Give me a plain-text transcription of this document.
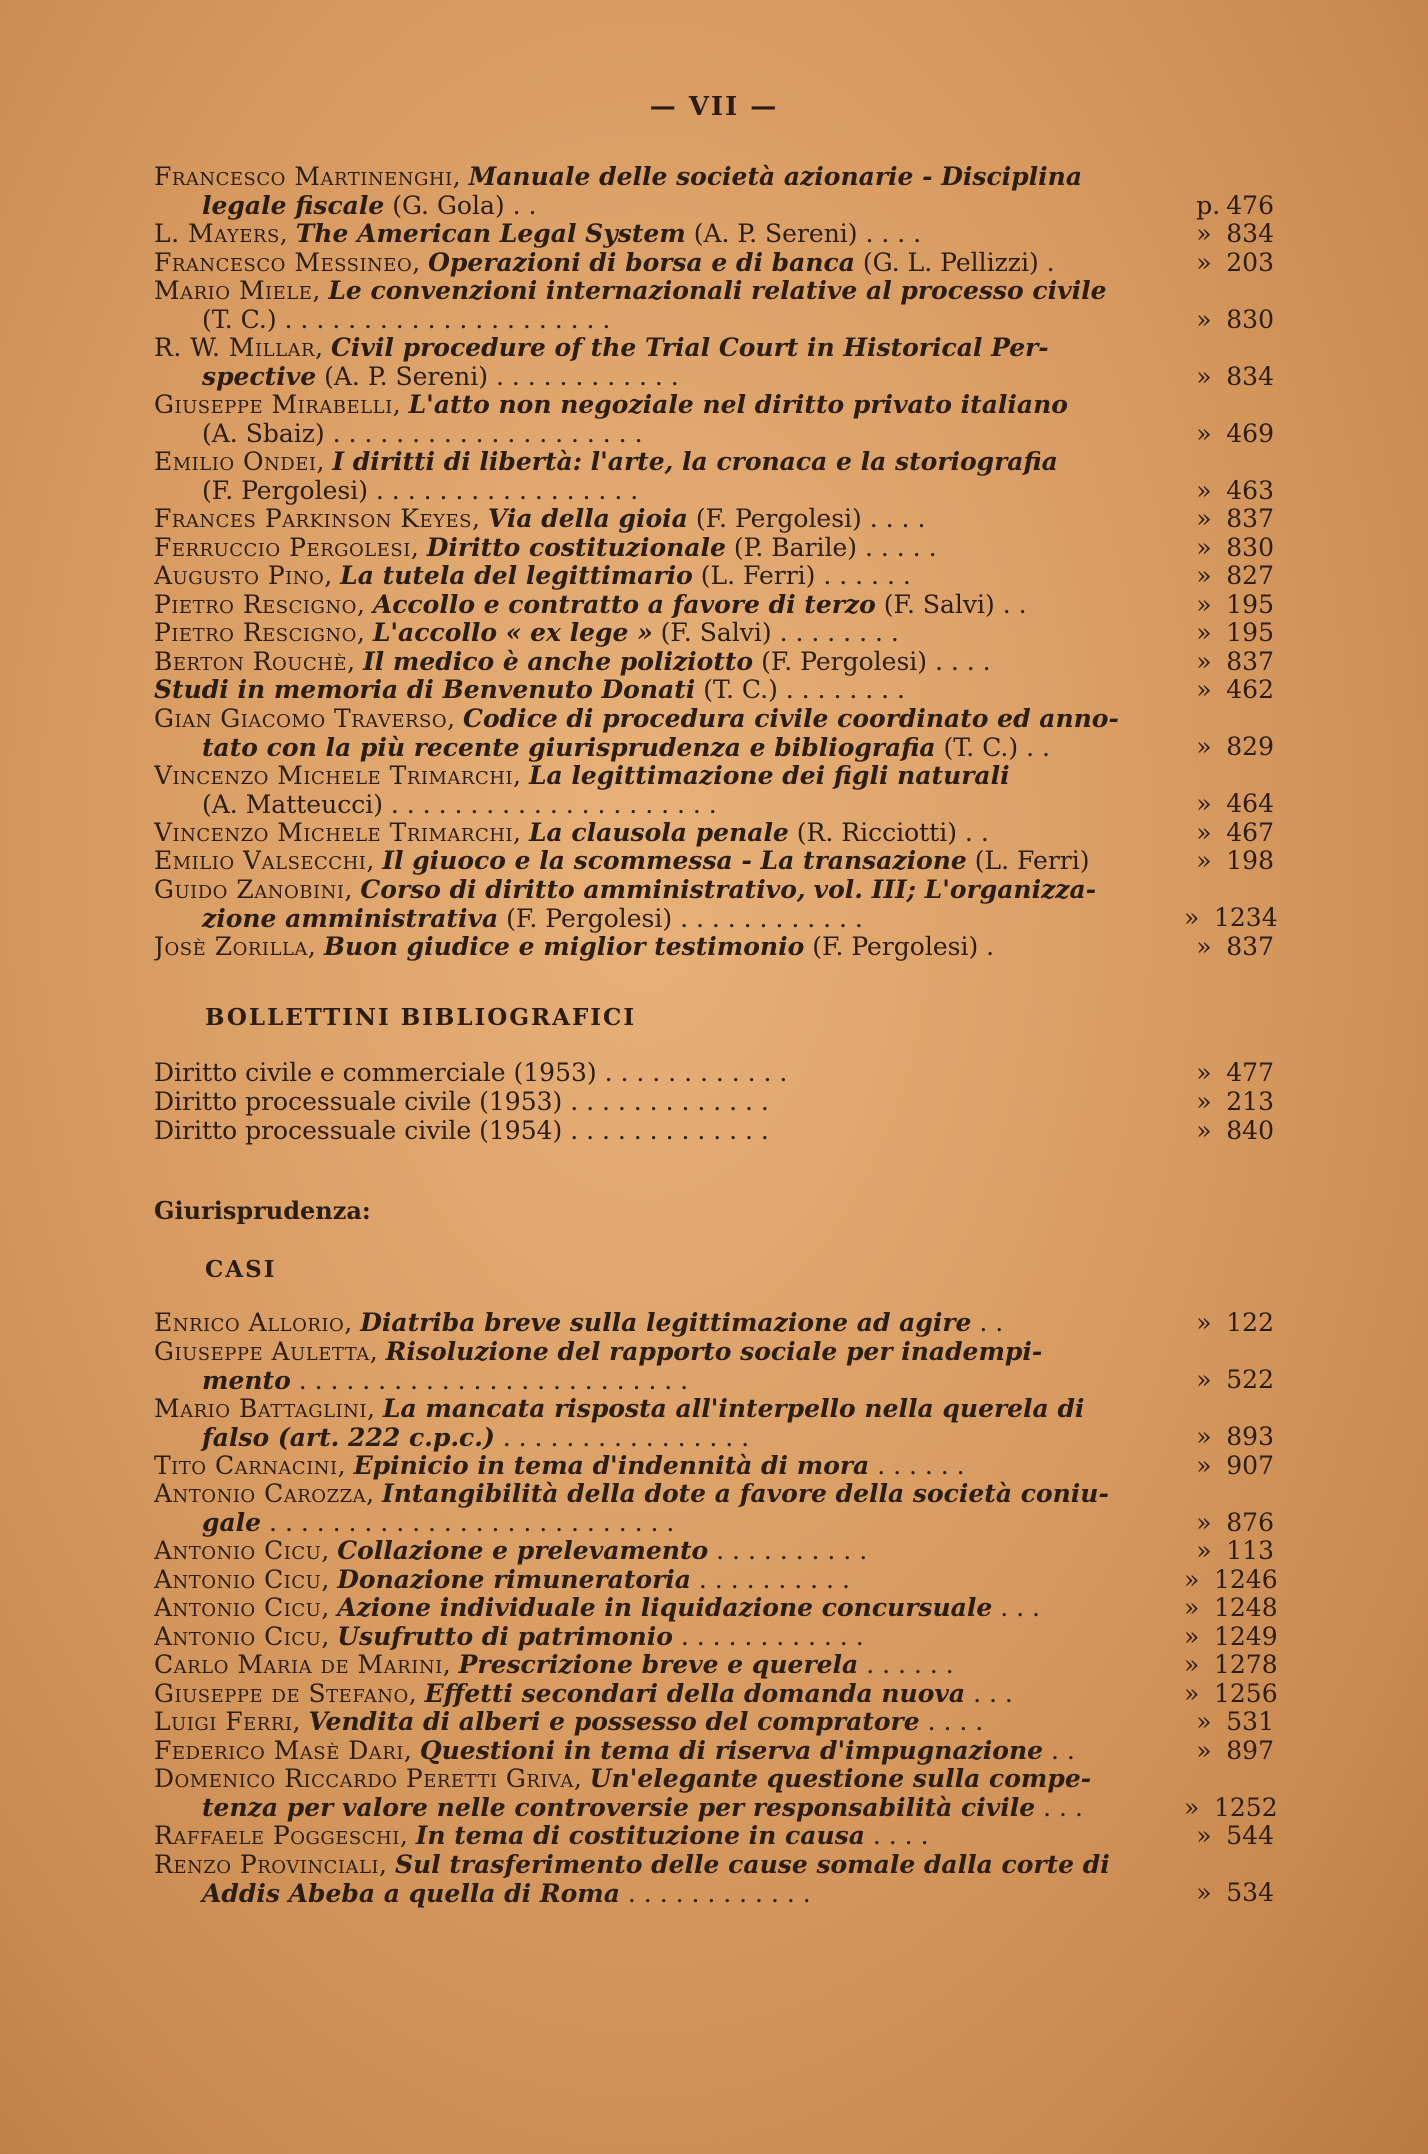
— VII —
Francesco Martinenghi, Manuale delle società azionarie - Disciplina
legale fiscale (G. Gola) . .	p. 476
L. Mayers, The American Legal System (A. P. Sereni) . . . .	» 834
Francesco Messineo, Operazioni di borsa e di banca (G. L. Pellizzi) .	» 203
Mario Miele, Le convenzioni internazionali relative al processo civile
(T. C.) . . . . . . . . . . . . . . . . . . . . .	» 830
R. W. Millar, Civil procedure of the Trial Court in Historical Per-
spective (A. P. Sereni) . . . . . . . . . . . .	» 834
Giuseppe Mirabelli, L'atto non negoziale nel diritto privato italiano
(A. Sbaiz) . . . . . . . . . . . . . . . . . . . .	» 469
Emilio Ondei, I diritti di libertà: l'arte, la cronaca e la storiografia
(F. Pergolesi) . . . . . . . . . . . . . . . . .	» 463
Frances Parkinson Keyes, Via della gioia (F. Pergolesi) . . . .	» 837
Ferruccio Pergolesi, Diritto costituzionale (P. Barile) . . . . .	» 830
Augusto Pino, La tutela del legittimario (L. Ferri) . . . . . .	» 827
Pietro Rescigno, Accollo e contratto a favore di terzo (F. Salvi) . .	» 195
Pietro Rescigno, L'accollo « ex lege » (F. Salvi) . . . . . . . .	» 195
Berton Rouchè, Il medico è anche poliziotto (F. Pergolesi) . . . .	» 837
Studi in memoria di Benvenuto Donati (T. C.) . . . . . . . .	» 462
Gian Giacomo Traverso, Codice di procedura civile coordinato ed anno-
tato con la più recente giurisprudenza e bibliografia (T. C.) . .	» 829
Vincenzo Michele Trimarchi, La legittimazione dei figli naturali
(A. Matteucci) . . . . . . . . . . . . . . . . . . . . .	» 464
Vincenzo Michele Trimarchi, La clausola penale (R. Ricciotti) . .	» 467
Emilio Valsecchi, Il giuoco e la scommessa - La transazione (L. Ferri)	» 198
Guido Zanobini, Corso di diritto amministrativo, vol. III; L'organizza-
zione amministrativa (F. Pergolesi) . . . . . . . . . . . .	» 1234
Josè Zorilla, Buon giudice e miglior testimonio (F. Pergolesi) .	» 837
BOLLETTINI BIBLIOGRAFICI
Diritto civile e commerciale (1953) . . . . . . . . . . . .	» 477
Diritto processuale civile (1953) . . . . . . . . . . . . .	» 213
Diritto processuale civile (1954) . . . . . . . . . . . . .	» 840
Giurisprudenza:
CASI
Enrico Allorio, Diatriba breve sulla legittimazione ad agire . .	» 122
Giuseppe Auletta, Risoluzione del rapporto sociale per inadempi-
mento . . . . . . . . . . . . . . . . . . . . . . . . .	» 522
Mario Battaglini, La mancata risposta all'interpello nella querela di
falso (art. 222 c.p.c.) . . . . . . . . . . . . . . . .	» 893
Tito Carnacini, Epinicio in tema d'indennità di mora . . . . . .	» 907
Antonio Carozza, Intangibilità della dote a favore della società coniu-
gale . . . . . . . . . . . . . . . . . . . . . . . . . .	» 876
Antonio Cicu, Collazione e prelevamento . . . . . . . . . .	» 113
Antonio Cicu, Donazione rimuneratoria . . . . . . . . . .	» 1246
Antonio Cicu, Azione individuale in liquidazione concursuale . . .	» 1248
Antonio Cicu, Usufrutto di patrimonio . . . . . . . . . . . .	» 1249
Carlo Maria de Marini, Prescrizione breve e querela . . . . . .	» 1278
Giuseppe de Stefano, Effetti secondari della domanda nuova . . .	» 1256
Luigi Ferri, Vendita di alberi e possesso del compratore . . . .	» 531
Federico Masè Dari, Questioni in tema di riserva d'impugnazione . .	» 897
Domenico Riccardo Peretti Griva, Un'elegante questione sulla compe-
tenza per valore nelle controversie per responsabilità civile . . .	» 1252
Raffaele Poggeschi, In tema di costituzione in causa . . . .	» 544
Renzo Provinciali, Sul trasferimento delle cause somale dalla corte di
Addis Abeba a quella di Roma . . . . . . . . . . . .	» 534
